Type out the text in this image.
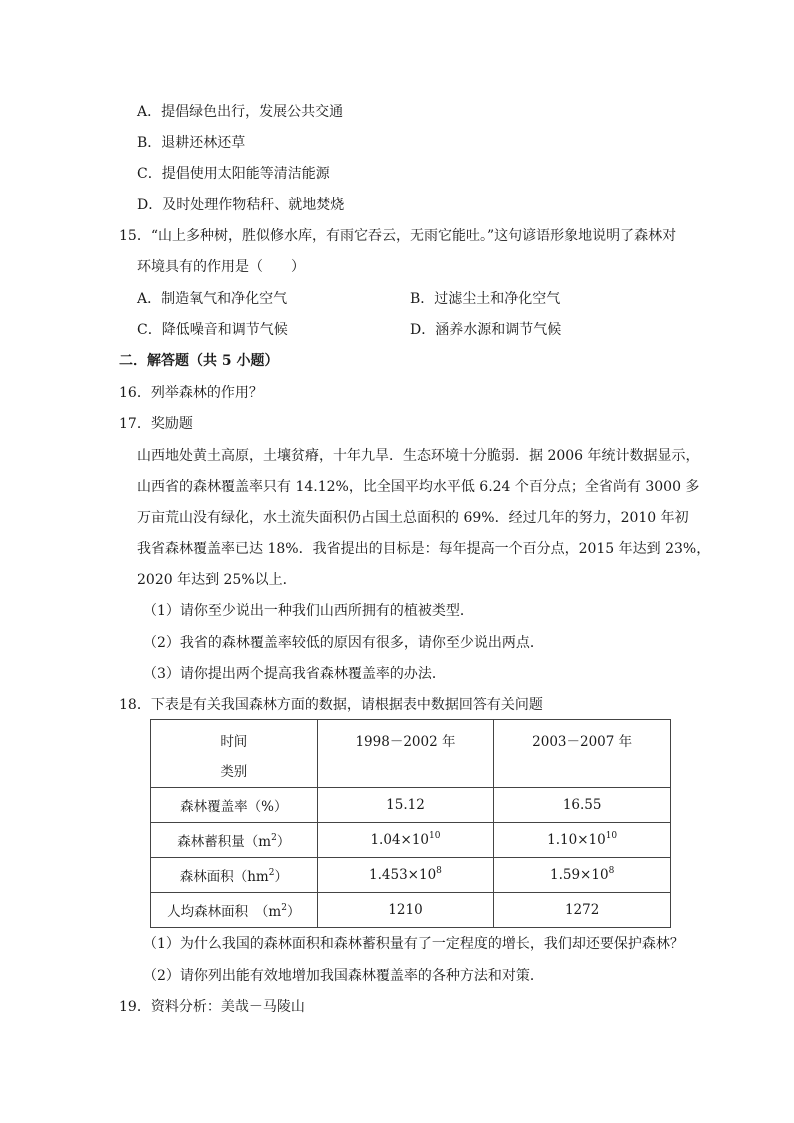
A．提倡绿色出行，发展公共交通
B．退耕还林还草
C．提倡使用太阳能等清洁能源
D．及时处理作物秸秆、就地焚烧
15．“山上多种树，胜似修水库，有雨它吞云，无雨它能吐。”这句谚语形象地说明了森林对
环境具有的作用是（　　）
A．制造氧气和净化空气	B．过滤尘土和净化空气
C．降低噪音和调节气候	D．涵养水源和调节气候
二．解答题（共 5 小题）
16．列举森林的作用？
17．奖励题
山西地处黄土高原，土壤贫瘠，十年九旱．生态环境十分脆弱．据 2006 年统计数据显示，
山西省的森林覆盖率只有 14.12%，比全国平均水平低 6.24 个百分点；全省尚有 3000 多
万亩荒山没有绿化，水土流失面积仍占国土总面积的 69%．经过几年的努力，2010 年初
我省森林覆盖率已达 18%．我省提出的目标是：每年提高一个百分点，2015 年达到 23%，
2020 年达到 25%以上．
（1）请你至少说出一种我们山西所拥有的植被类型．
（2）我省的森林覆盖率较低的原因有很多，请你至少说出两点．
（3）请你提出两个提高我省森林覆盖率的办法．
18．下表是有关我国森林方面的数据，请根据表中数据回答有关问题
时间
类别	1998－2002 年	2003－2007 年

森林覆盖率（%）	15.12	16.55
森林蓄积量$(m^2)$	$1.04\times 10^{10}$	$1.10\times 10^{10}$
森林面积$(hm^2)$	$1.453\times 10^8$	$1.59\times 10^8$
人均森林面积　$(m^2)$	1210	1272
（1）为什么我国的森林面积和森林蓄积量有了一定程度的增长，我们却还要保护森林？
（2）请你列出能有效地增加我国森林覆盖率的各种方法和对策．
19．资料分析：美哉－马陵山
